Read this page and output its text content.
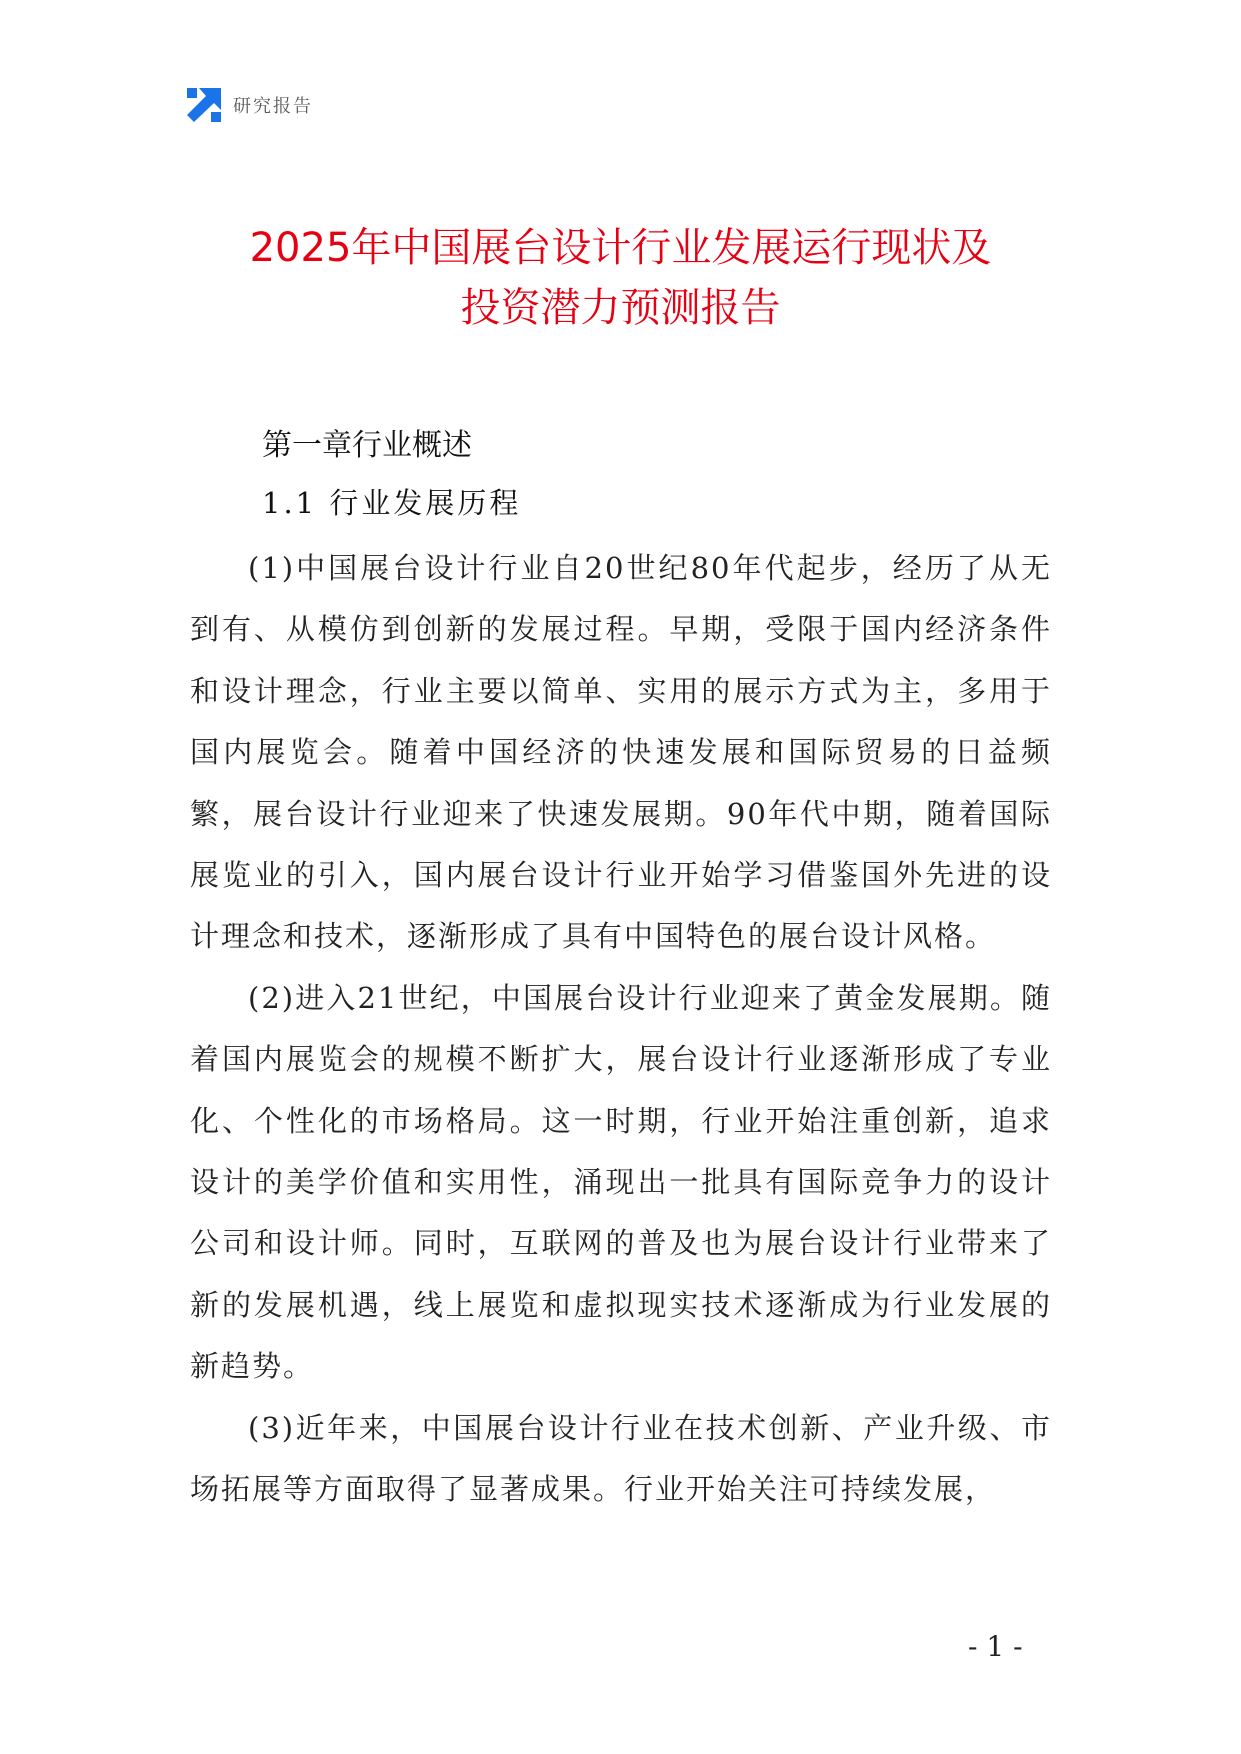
研究报告
2025年中国展台设计行业发展运行现状及
投资潜力预测报告
第一章行业概述
1.1 行业发展历程

(1)中国展台设计行业自20世纪80年代起步，经历了从无到有、从模仿到创新的发展过程。早期，受限于国内经济条件和设计理念，行业主要以简单、实用的展示方式为主，多用于国内展览会。随着中国经济的快速发展和国际贸易的日益频繁，展台设计行业迎来了快速发展期。90年代中期，随着国际展览业的引入，国内展台设计行业开始学习借鉴国外先进的设计理念和技术，逐渐形成了具有中国特色的展台设计风格。

(2)进入21世纪，中国展台设计行业迎来了黄金发展期。随着国内展览会的规模不断扩大，展台设计行业逐渐形成了专业化、个性化的市场格局。这一时期，行业开始注重创新，追求设计的美学价值和实用性，涌现出一批具有国际竞争力的设计公司和设计师。同时，互联网的普及也为展台设计行业带来了新的发展机遇，线上展览和虚拟现实技术逐渐成为行业发展的新趋势。

(3)近年来，中国展台设计行业在技术创新、产业升级、市场拓展等方面取得了显著成果。行业开始关注可持续发展，

- 1 -
